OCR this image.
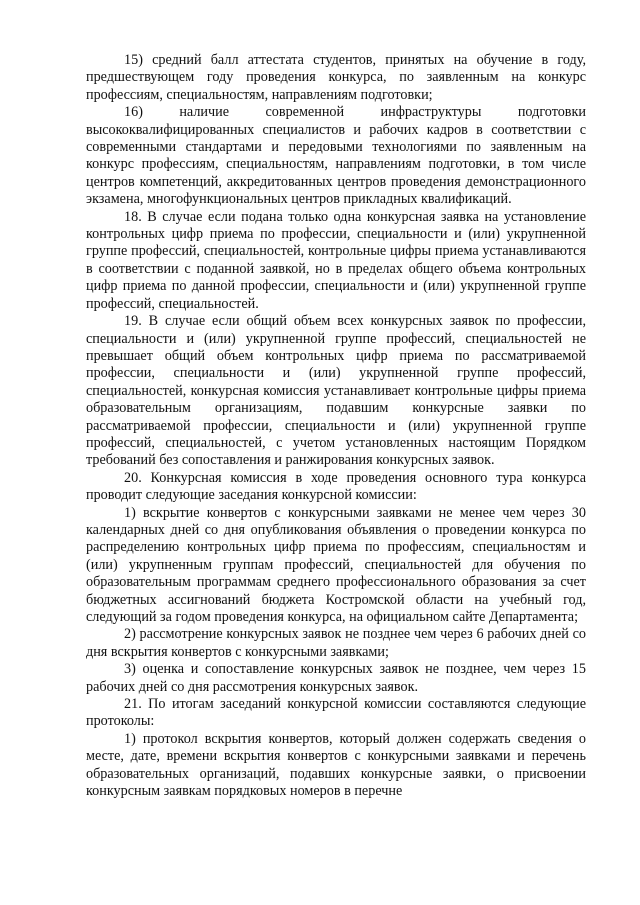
15) средний балл аттестата студентов, принятых на обучение в году, предшествующем году проведения конкурса, по заявленным на конкурс профессиям, специальностям, направлениям подготовки;

16) наличие современной инфраструктуры подготовки высококвалифицированных специалистов и рабочих кадров в соответствии с современными стандартами и передовыми технологиями по заявленным на конкурс профессиям, специальностям, направлениям подготовки, в том числе центров компетенций, аккредитованных центров проведения демонстрационного экзамена, многофункциональных центров прикладных квалификаций.

18. В случае если подана только одна конкурсная заявка на установление контрольных цифр приема по профессии, специальности и (или) укрупненной группе профессий, специальностей, контрольные цифры приема устанавливаются в соответствии с поданной заявкой, но в пределах общего объема контрольных цифр приема по данной профессии, специальности и (или) укрупненной группе профессий, специальностей.

19. В случае если общий объем всех конкурсных заявок по профессии, специальности и (или) укрупненной группе профессий, специальностей не превышает общий объем контрольных цифр приема по рассматриваемой профессии, специальности и (или) укрупненной группе профессий, специальностей, конкурсная комиссия устанавливает контрольные цифры приема образовательным организациям, подавшим конкурсные заявки по рассматриваемой профессии, специальности и (или) укрупненной группе профессий, специальностей, с учетом установленных настоящим Порядком требований без сопоставления и ранжирования конкурсных заявок.

20. Конкурсная комиссия в ходе проведения основного тура конкурса проводит следующие заседания конкурсной комиссии:

1) вскрытие конвертов с конкурсными заявками не менее чем через 30 календарных дней со дня опубликования объявления о проведении конкурса по распределению контрольных цифр приема по профессиям, специальностям и (или) укрупненным группам профессий, специальностей для обучения по образовательным программам среднего профессионального образования за счет бюджетных ассигнований бюджета Костромской области на учебный год, следующий за годом проведения конкурса, на официальном сайте Департамента;

2) рассмотрение конкурсных заявок не позднее чем через 6 рабочих дней со дня вскрытия конвертов с конкурсными заявками;

3) оценка и сопоставление конкурсных заявок не позднее, чем через 15 рабочих дней со дня рассмотрения конкурсных заявок.

21. По итогам заседаний конкурсной комиссии составляются следующие протоколы:

1) протокол вскрытия конвертов, который должен содержать сведения о месте, дате, времени вскрытия конвертов с конкурсными заявками и перечень образовательных организаций, подавших конкурсные заявки, о присвоении конкурсным заявкам порядковых номеров в перечне
